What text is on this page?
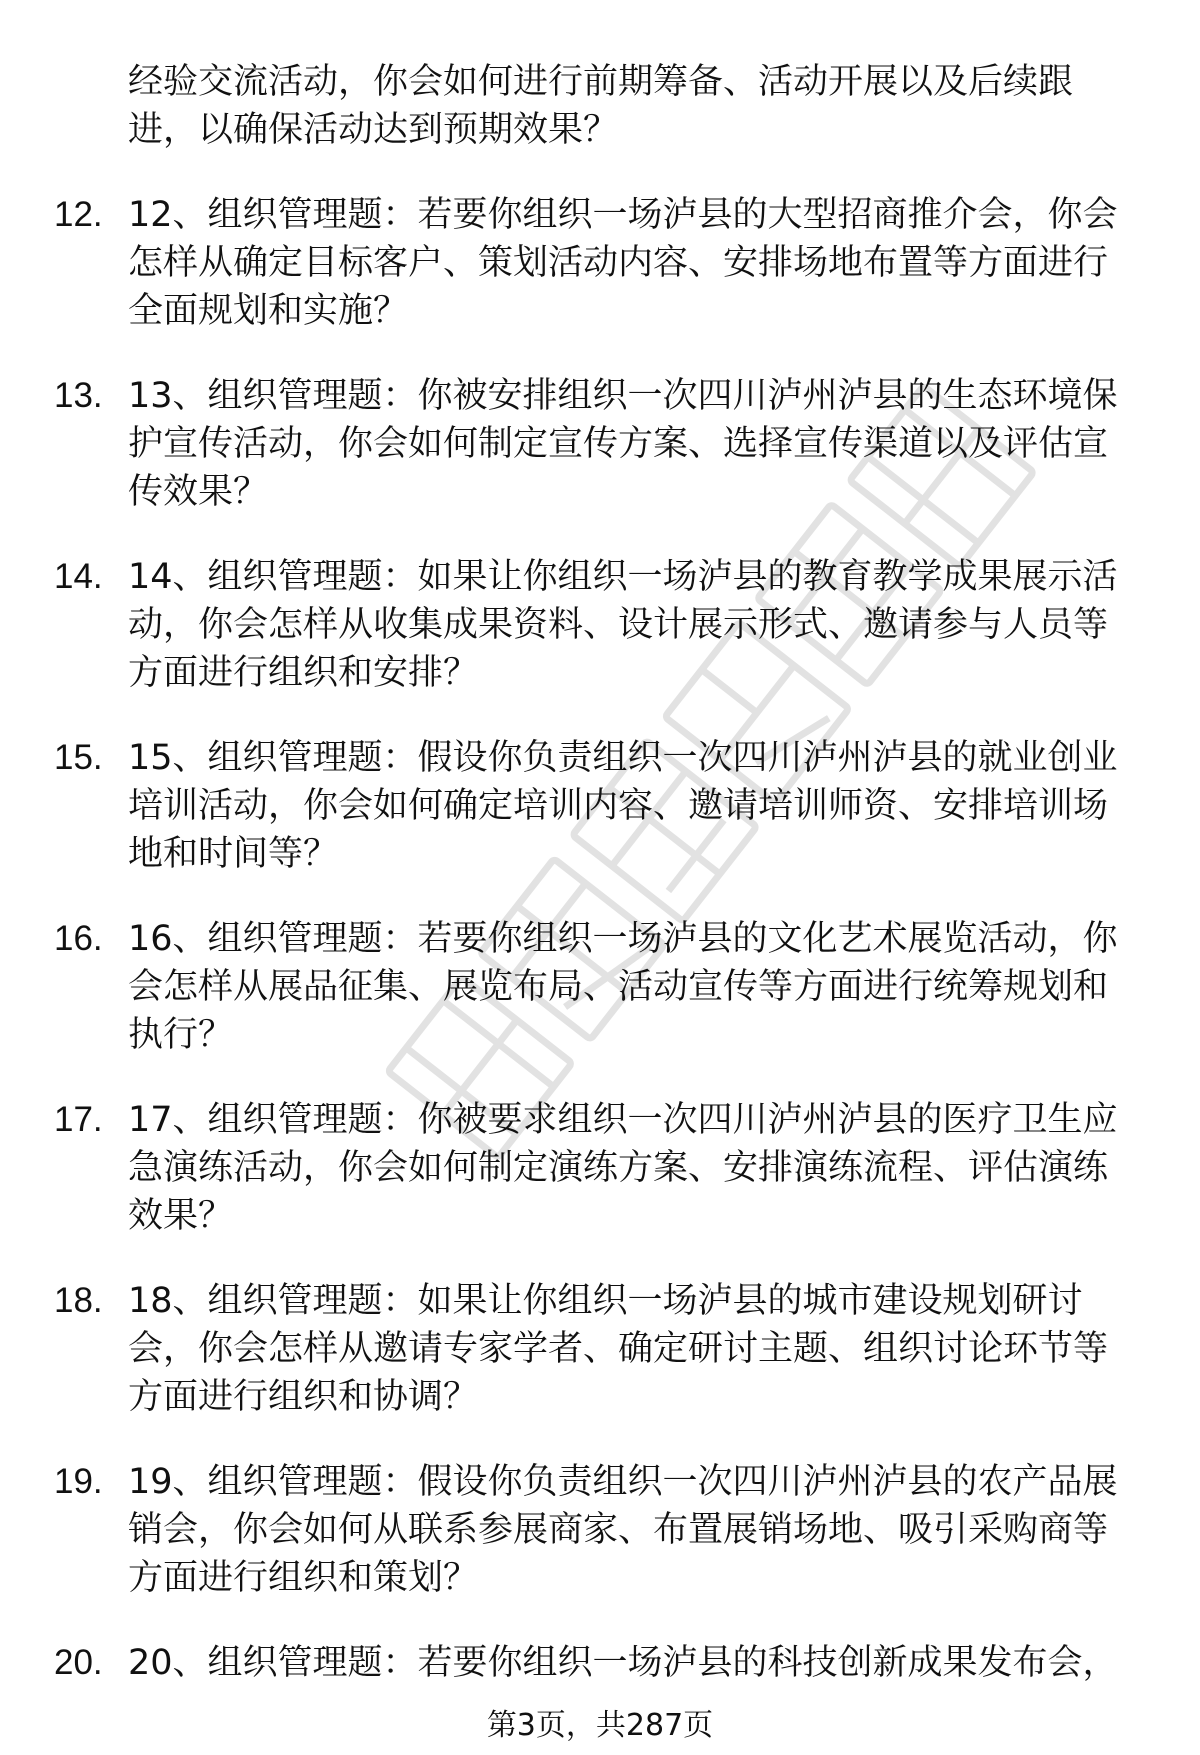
经验交流活动，你会如何进行前期筹备、活动开展以及后续跟进，以确保活动达到预期效果？
12. 12、组织管理题：若要你组织一场泸县的大型招商推介会，你会怎样从确定目标客户、策划活动内容、安排场地布置等方面进行全面规划和实施？
13. 13、组织管理题：你被安排组织一次四川泸州泸县的生态环境保护宣传活动，你会如何制定宣传方案、选择宣传渠道以及评估宣传效果？
14. 14、组织管理题：如果让你组织一场泸县的教育教学成果展示活动，你会怎样从收集成果资料、设计展示形式、邀请参与人员等方面进行组织和安排？
15. 15、组织管理题：假设你负责组织一次四川泸州泸县的就业创业培训活动，你会如何确定培训内容、邀请培训师资、安排培训场地和时间等？
16. 16、组织管理题：若要你组织一场泸县的文化艺术展览活动，你会怎样从展品征集、展览布局、活动宣传等方面进行统筹规划和执行？
17. 17、组织管理题：你被要求组织一次四川泸州泸县的医疗卫生应急演练活动，你会如何制定演练方案、安排演练流程、评估演练效果？
18. 18、组织管理题：如果让你组织一场泸县的城市建设规划研讨会，你会怎样从邀请专家学者、确定研讨主题、组织讨论环节等方面进行组织和协调？
19. 19、组织管理题：假设你负责组织一次四川泸州泸县的农产品展销会，你会如何从联系参展商家、布置展销场地、吸引采购商等方面进行组织和策划？
20. 20、组织管理题：若要你组织一场泸县的科技创新成果发布会，
第3页，共287页
